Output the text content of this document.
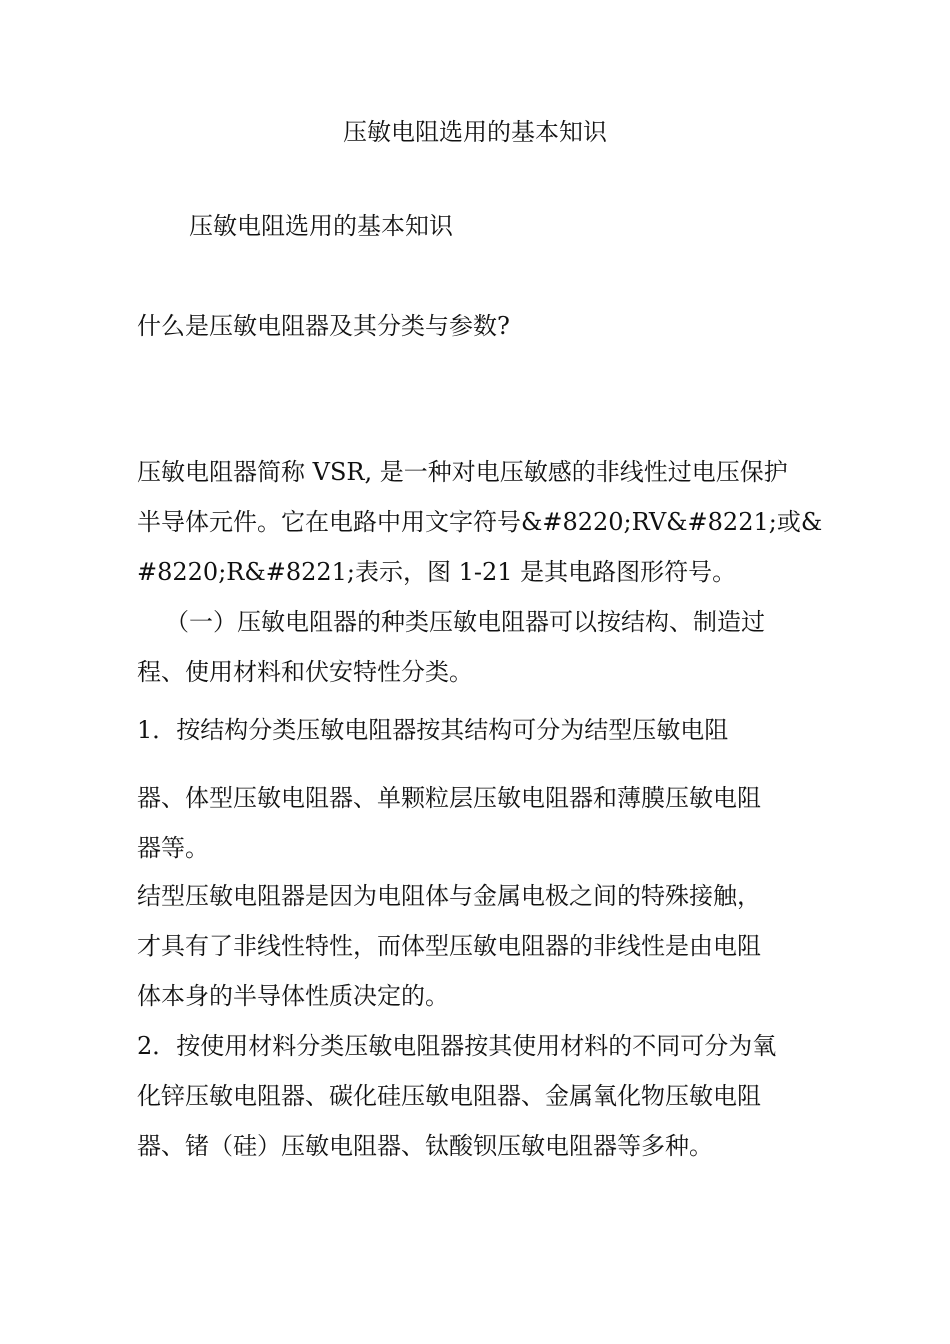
压敏电阻选用的基本知识
压敏电阻选用的基本知识
什么是压敏电阻器及其分类与参数?
压敏电阻器简称 VSR, 是一种对电压敏感的非线性过电压保护
半导体元件。它在电路中用文字符号&#8220;RV&#8221;或&
#8220;R&#8221;表示，图 1-21 是其电路图形符号。
（一）压敏电阻器的种类压敏电阻器可以按结构、制造过
程、使用材料和伏安特性分类。
1．按结构分类压敏电阻器按其结构可分为结型压敏电阻
器、体型压敏电阻器、单颗粒层压敏电阻器和薄膜压敏电阻
器等。
结型压敏电阻器是因为电阻体与金属电极之间的特殊接触，
才具有了非线性特性，而体型压敏电阻器的非线性是由电阻
体本身的半导体性质决定的。
2．按使用材料分类压敏电阻器按其使用材料的不同可分为氧
化锌压敏电阻器、碳化硅压敏电阻器、金属氧化物压敏电阻
器、锗（硅）压敏电阻器、钛酸钡压敏电阻器等多种。
